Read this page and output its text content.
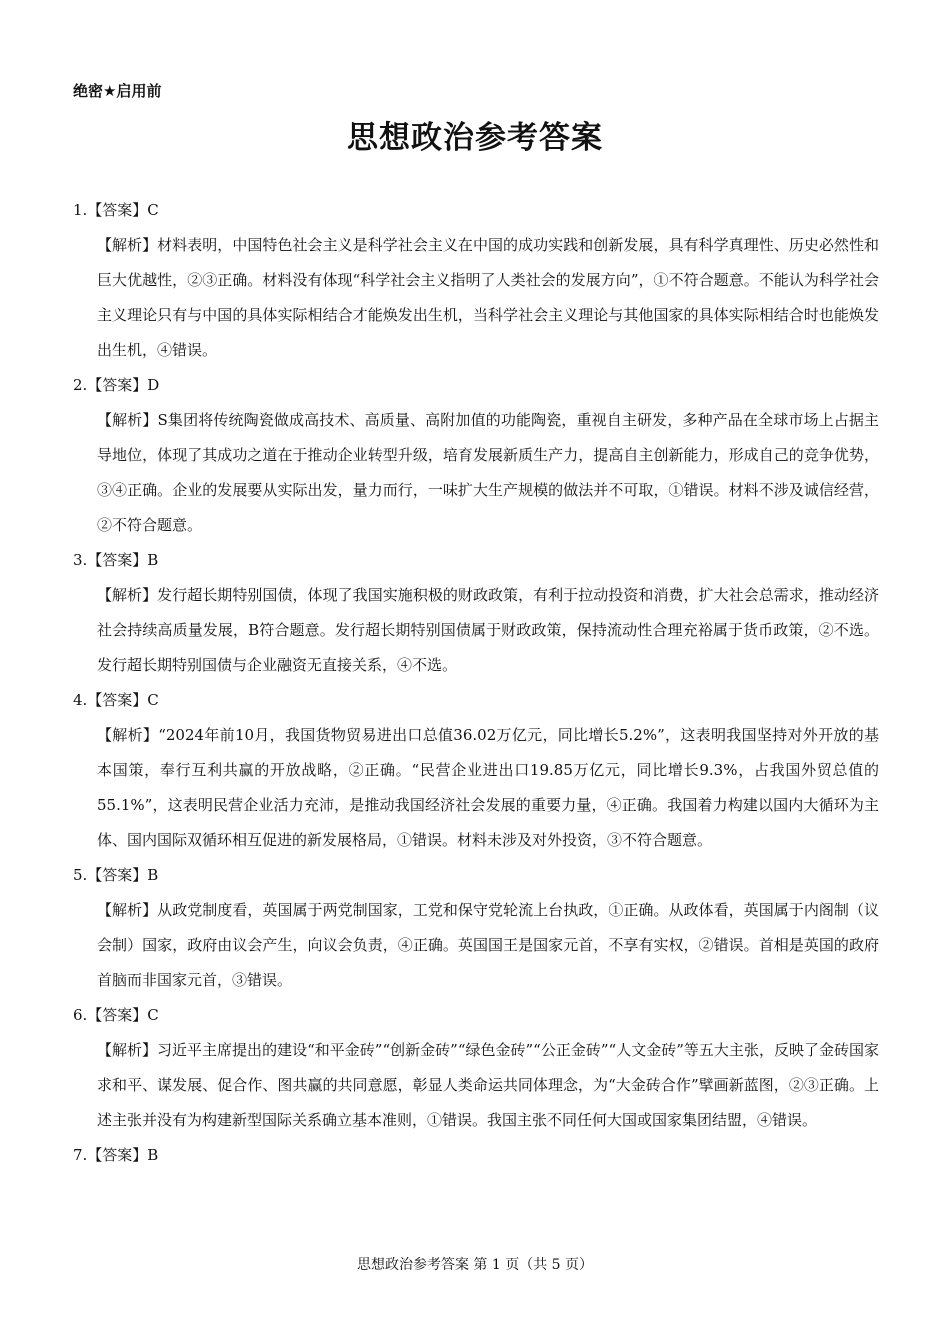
绝密★启用前
思想政治参考答案
1.【答案】C
【解析】材料表明，中国特色社会主义是科学社会主义在中国的成功实践和创新发展，具有科学真理性、历史必然性和巨大优越性，②③正确。材料没有体现“科学社会主义指明了人类社会的发展方向”，①不符合题意。不能认为科学社会主义理论只有与中国的具体实际相结合才能焕发出生机，当科学社会主义理论与其他国家的具体实际相结合时也能焕发出生机，④错误。
2.【答案】D
【解析】S集团将传统陶瓷做成高技术、高质量、高附加值的功能陶瓷，重视自主研发，多种产品在全球市场上占据主导地位，体现了其成功之道在于推动企业转型升级，培育发展新质生产力，提高自主创新能力，形成自己的竞争优势，③④正确。企业的发展要从实际出发，量力而行，一味扩大生产规模的做法并不可取，①错误。材料不涉及诚信经营，②不符合题意。
3.【答案】B
【解析】发行超长期特别国债，体现了我国实施积极的财政政策，有利于拉动投资和消费，扩大社会总需求，推动经济社会持续高质量发展，B符合题意。发行超长期特别国债属于财政政策，保持流动性合理充裕属于货币政策，②不选。发行超长期特别国债与企业融资无直接关系，④不选。
4.【答案】C
【解析】“2024年前10月，我国货物贸易进出口总值36.02万亿元，同比增长5.2%”，这表明我国坚持对外开放的基本国策，奉行互利共赢的开放战略，②正确。“民营企业进出口19.85万亿元，同比增长9.3%，占我国外贸总值的55.1%”，这表明民营企业活力充沛，是推动我国经济社会发展的重要力量，④正确。我国着力构建以国内大循环为主体、国内国际双循环相互促进的新发展格局，①错误。材料未涉及对外投资，③不符合题意。
5.【答案】B
【解析】从政党制度看，英国属于两党制国家，工党和保守党轮流上台执政，①正确。从政体看，英国属于内阁制（议会制）国家，政府由议会产生，向议会负责，④正确。英国国王是国家元首，不享有实权，②错误。首相是英国的政府首脑而非国家元首，③错误。
6.【答案】C
【解析】习近平主席提出的建设“和平金砖”“创新金砖”“绿色金砖”“公正金砖”“人文金砖”等五大主张，反映了金砖国家求和平、谋发展、促合作、图共赢的共同意愿，彰显人类命运共同体理念，为“大金砖合作”擘画新蓝图，②③正确。上述主张并没有为构建新型国际关系确立基本准则，①错误。我国主张不同任何大国或国家集团结盟，④错误。
7.【答案】B
思想政治参考答案 第 1 页（共 5 页）
